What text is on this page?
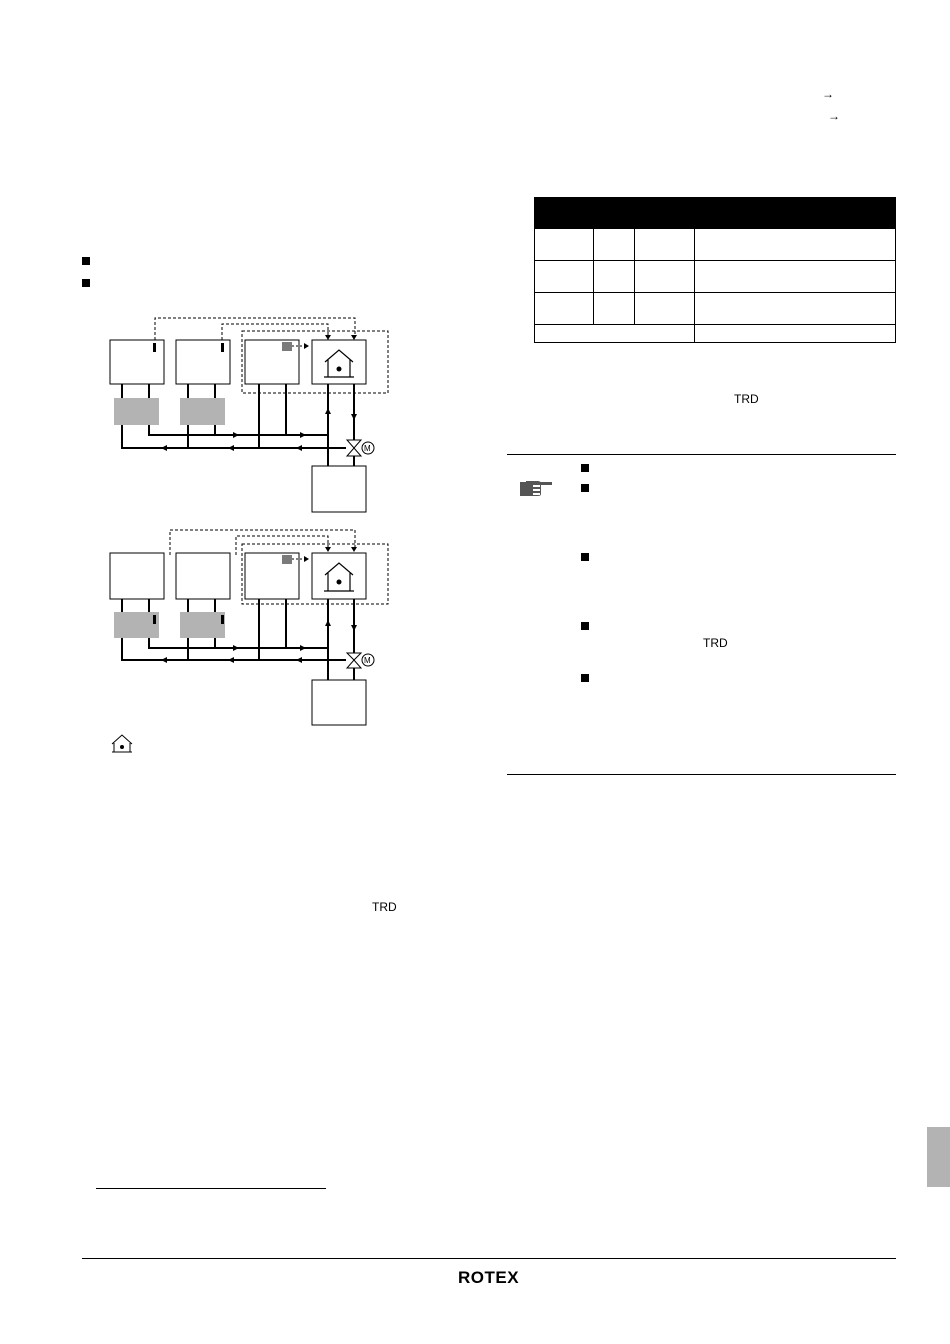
→
→
M
M
TRD

TRD
TRD
ROTEX
